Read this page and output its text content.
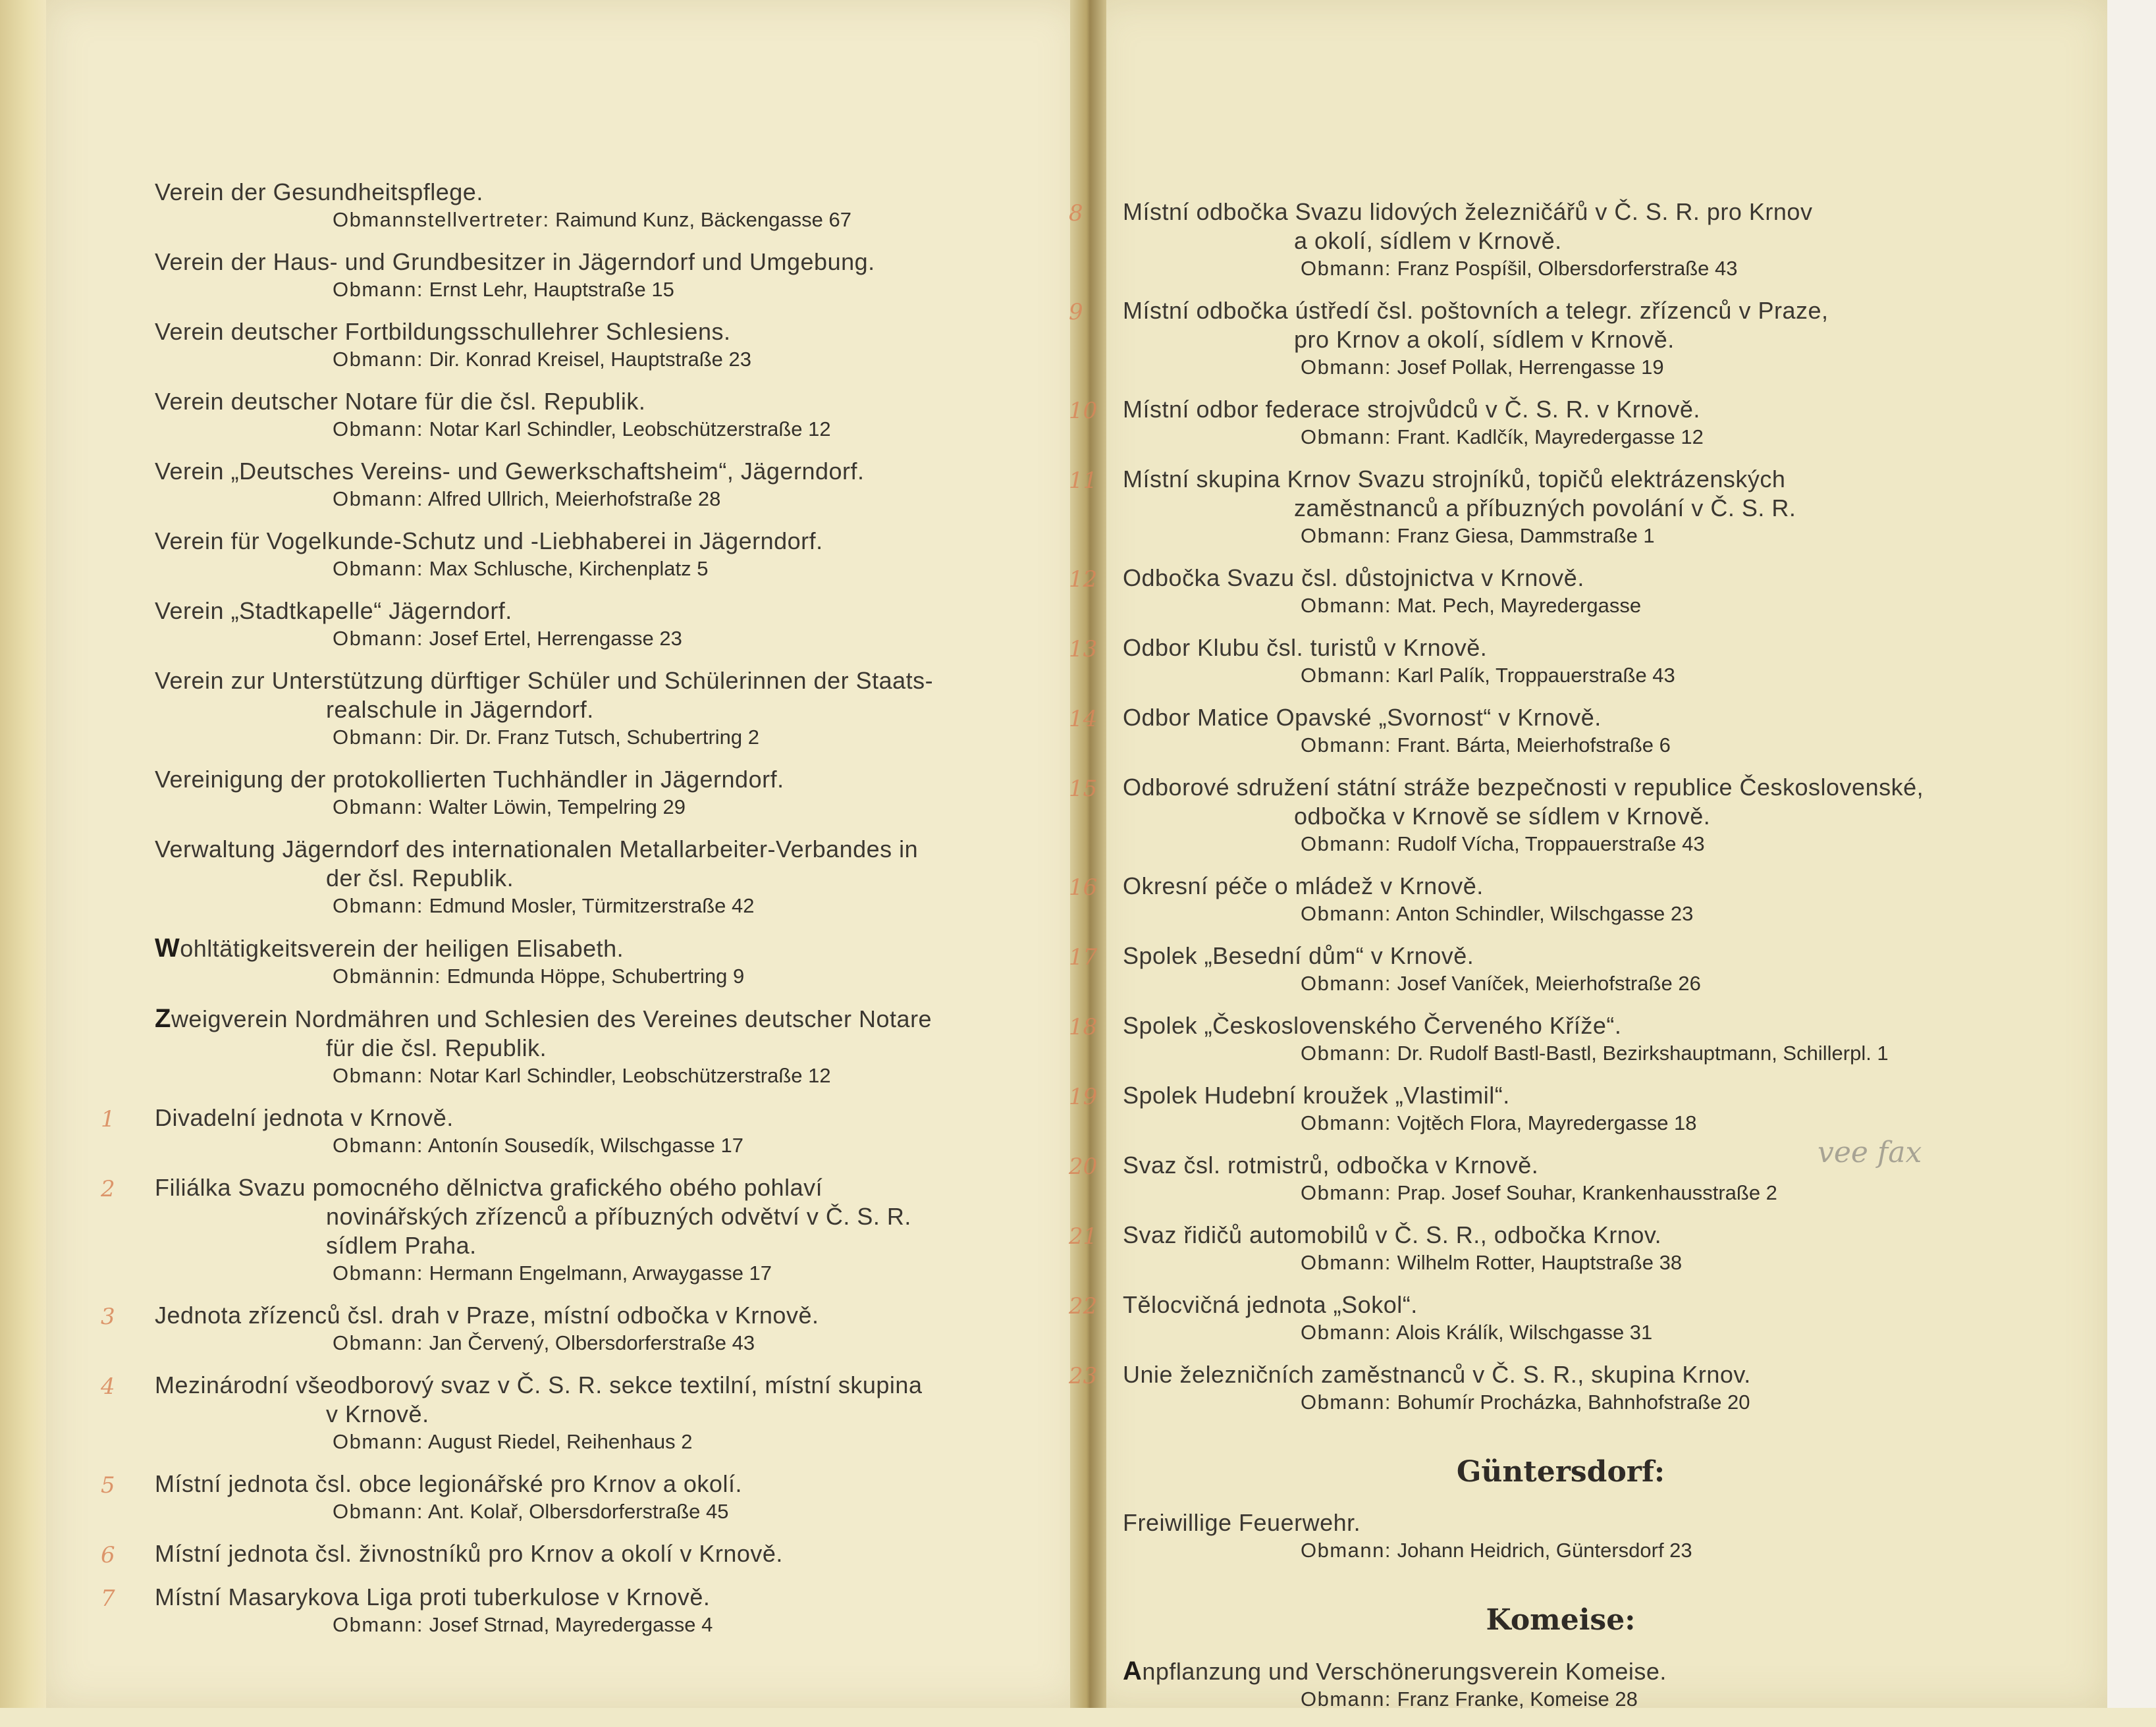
Verein der Gesundheitspflege.
Obmannstellvertreter: Raimund Kunz, Bäckengasse 67
Verein der Haus- und Grundbesitzer in Jägerndorf und Umgebung.
Obmann: Ernst Lehr, Hauptstraße 15
Verein deutscher Fortbildungsschullehrer Schlesiens.
Obmann: Dir. Konrad Kreisel, Hauptstraße 23
Verein deutscher Notare für die čsl. Republik.
Obmann: Notar Karl Schindler, Leobschützerstraße 12
Verein „Deutsches Vereins- und Gewerkschaftsheim“, Jägerndorf.
Obmann: Alfred Ullrich, Meierhofstraße 28
Verein für Vogelkunde-Schutz und -Liebhaberei in Jägerndorf.
Obmann: Max Schlusche, Kirchenplatz 5
Verein „Stadtkapelle“ Jägerndorf.
Obmann: Josef Ertel, Herrengasse 23
Verein zur Unterstützung dürftiger Schüler und Schülerinnen der Staats-
realschule in Jägerndorf.
Obmann: Dir. Dr. Franz Tutsch, Schubertring 2
Vereinigung der protokollierten Tuchhändler in Jägerndorf.
Obmann: Walter Löwin, Tempelring 29
Verwaltung Jägerndorf des internationalen Metallarbeiter-Verbandes in
der čsl. Republik.
Obmann: Edmund Mosler, Türmitzerstraße 42
Wohltätigkeitsverein der heiligen Elisabeth.
Obmännin: Edmunda Höppe, Schubertring 9
Zweigverein Nordmähren und Schlesien des Vereines deutscher Notare
für die čsl. Republik.
Obmann: Notar Karl Schindler, Leobschützerstraße 12
1	Divadelní jednota v Krnově.
Obmann: Antonín Sousedík, Wilschgasse 17
2	Filiálka Svazu pomocného dělnictva grafického obého pohlaví
novinářských zřízenců a příbuzných odvětví v Č. S. R.
sídlem Praha.
Obmann: Hermann Engelmann, Arwaygasse 17
3	Jednota zřízenců čsl. drah v Praze, místní odbočka v Krnově.
Obmann: Jan Červený, Olbersdorferstraße 43
4	Mezinárodní všeodborový svaz v Č. S. R. sekce textilní, místní skupina
v Krnově.
Obmann: August Riedel, Reihenhaus 2
5	Místní jednota čsl. obce legionářské pro Krnov a okolí.
Obmann: Ant. Kolař, Olbersdorferstraße 45
6	Místní jednota čsl. živnostníků pro Krnov a okolí v Krnově.
7	Místní Masarykova Liga proti tuberkulose v Krnově.
Obmann: Josef Strnad, Mayredergasse 4
8	Místní odbočka Svazu lidových železničářů v Č. S. R. pro Krnov
a okolí, sídlem v Krnově.
Obmann: Franz Pospíšil, Olbersdorferstraße 43
9	Místní odbočka ústředí čsl. poštovních a telegr. zřízenců v Praze,
pro Krnov a okolí, sídlem v Krnově.
Obmann: Josef Pollak, Herrengasse 19
10	Místní odbor federace strojvůdců v Č. S. R. v Krnově.
Obmann: Frant. Kadlčík, Mayredergasse 12
11	Místní skupina Krnov Svazu strojníků, topičů elektrázenských
zaměstnanců a příbuzných povolání v Č. S. R.
Obmann: Franz Giesa, Dammstraße 1
12	Odbočka Svazu čsl. důstojnictva v Krnově.
Obmann: Mat. Pech, Mayredergasse
13	Odbor Klubu čsl. turistů v Krnově.
Obmann: Karl Palík, Troppauerstraße 43
14	Odbor Matice Opavské „Svornost“ v Krnově.
Obmann: Frant. Bárta, Meierhofstraße 6
15	Odborové sdružení státní stráže bezpečnosti v republice Československé,
odbočka v Krnově se sídlem v Krnově.
Obmann: Rudolf Vícha, Troppauerstraße 43
16	Okresní péče o mládež v Krnově.
Obmann: Anton Schindler, Wilschgasse 23
17	Spolek „Besední dům“ v Krnově.
Obmann: Josef Vaníček, Meierhofstraße 26
18	Spolek „Československého Červeného Kříže“.
Obmann: Dr. Rudolf Bastl-Bastl, Bezirkshauptmann, Schillerpl. 1
19	Spolek Hudební kroužek „Vlastimil“.
Obmann: Vojtěch Flora, Mayredergasse 18
20	Svaz čsl. rotmistrů, odbočka v Krnově.
Obmann: Prap. Josef Souhar, Krankenhausstraße 2
21	Svaz řidičů automobilů v Č. S. R., odbočka Krnov.
Obmann: Wilhelm Rotter, Hauptstraße 38
22	Tělocvičná jednota „Sokol“.
Obmann: Alois Králík, Wilschgasse 31
23	Unie železničních zaměstnanců v Č. S. R., skupina Krnov.
Obmann: Bohumír Procházka, Bahnhofstraße 20
Güntersdorf:
Freiwillige Feuerwehr.
Obmann: Johann Heidrich, Güntersdorf 23
Komeise:
Anpflanzung und Verschönerungsverein Komeise.
Obmann: Franz Franke, Komeise 28
vee fax
